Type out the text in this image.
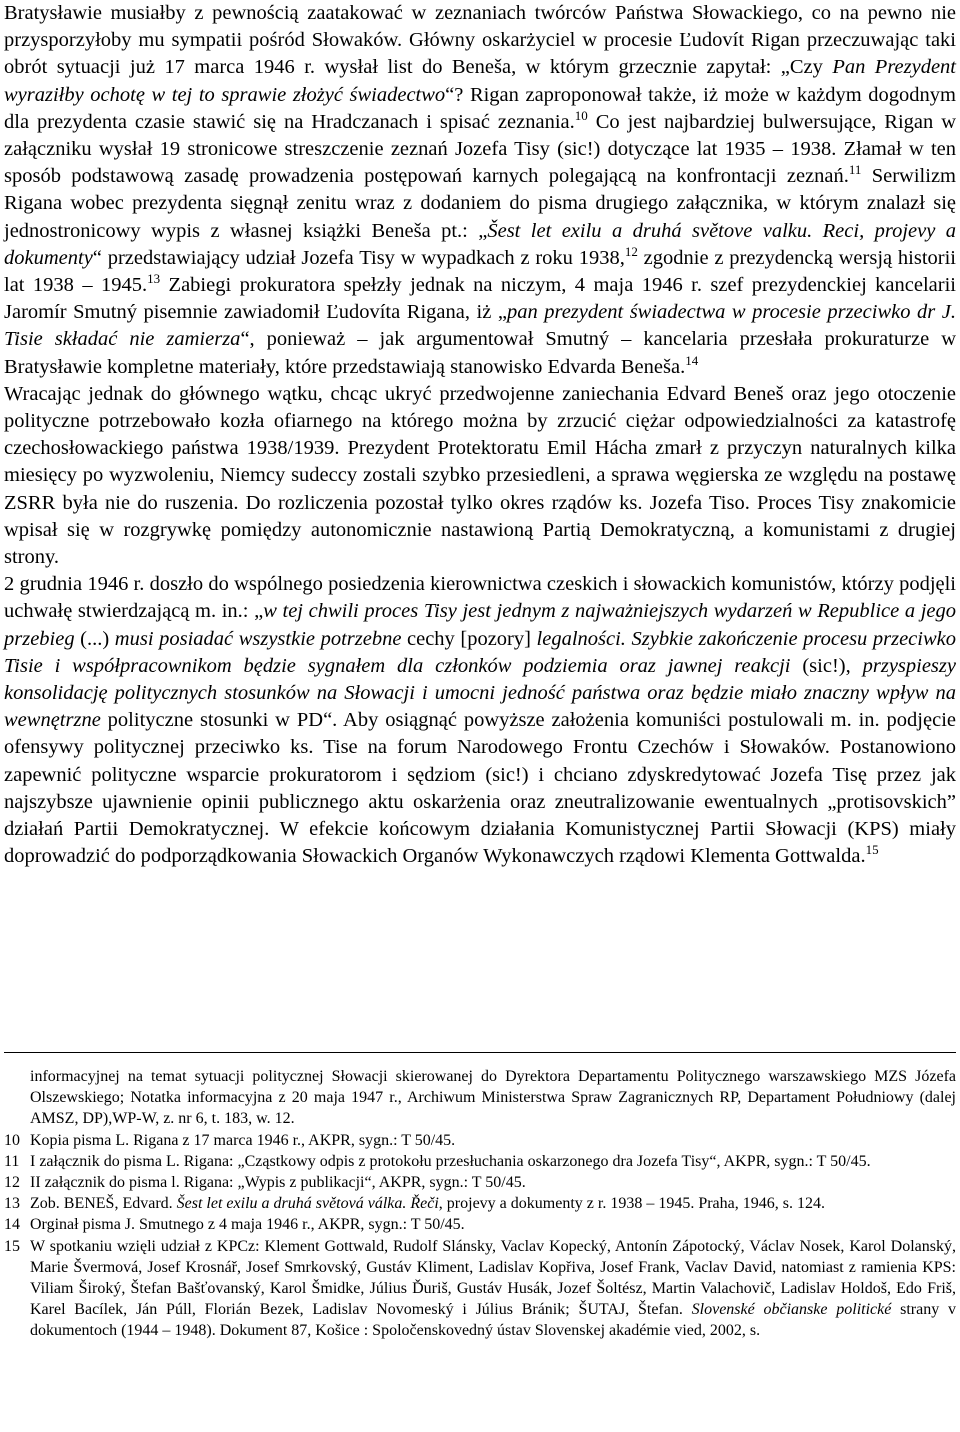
Bratysławie musiałby z pewnością zaatakować w zeznaniach twórców Państwa Słowackiego, co na pewno nie przysporzyłoby mu sympatii pośród Słowaków. Główny oskarżyciel w procesie Ľudovít Rigan przeczuwając taki obrót sytuacji już 17 marca 1946 r. wysłał list do Beneša, w którym grzecznie zapytał: „Czy Pan Prezydent wyraziłby ochotę w tej to sprawie złożyć świadectwo“? Rigan zaproponował także, iż może w każdym dogodnym dla prezydenta czasie stawić się na Hradczanach i spisać zeznania.$^{10}$ Co jest najbardziej bulwersujące, Rigan w załączniku wysłał 19 stronicowe streszczenie zeznań Jozefa Tisy (sic!) dotyczące lat 1935 – 1938. Złamał w ten sposób podstawową zasadę prowadzenia postępowań karnych polegającą na konfrontacji zeznań.$^{11}$ Serwilizm Rigana wobec prezydenta sięgnął zenitu wraz z dodaniem do pisma drugiego załącznika, w którym znalazł się jednostronicowy wypis z własnej książki Beneša pt.: „Šest let exilu a druhá světove valku. Reci, projevy a dokumenty“ przedstawiający udział Jozefa Tisy w wypadkach z roku 1938,12 zgodnie z prezydencką wersją historii lat 1938 – 1945.13 Zabiegi prokuratora spełzły jednak na niczym, 4 maja 1946 r. szef prezydenckiej kancelarii Jaromír Smutný pisemnie zawiadomił Ľudovíta Rigana, iż „pan prezydent świadectwa w procesie przeciwko dr J. Tisie składać nie zamierza“, ponieważ – jak argumentował Smutný – kancelaria przesłała prokuraturze w Bratysławie kompletne materiały, które przedstawiają stanowisko Edvarda Beneša.$^{14}$

Wracając jednak do głównego wątku, chcąc ukryć przedwojenne zaniechania Edvard Beneš oraz jego otoczenie polityczne potrzebowało kozła ofiarnego na którego można by zrzucić ciężar odpowiedzialności za katastrofę czechosłowackiego państwa 1938/1939. Prezydent Protektoratu Emil Hácha zmarł z przyczyn naturalnych kilka miesięcy po wyzwoleniu, Niemcy sudeccy zostali szybko przesiedleni, a sprawa węgierska ze względu na postawę ZSRR była nie do ruszenia. Do rozliczenia pozostał tylko okres rządów ks. Jozefa Tiso. Proces Tisy znakomicie wpisał się w rozgrywkę pomiędzy autonomicznie nastawioną Partią Demokratyczną, a komunistami z drugiej strony.

2 grudnia 1946 r. doszło do wspólnego posiedzenia kierownictwa czeskich i słowackich komunistów, którzy podjęli uchwałę stwierdzającą m. in.: „w tej chwili proces Tisy jest jednym z najważniejszych wydarzeń w Republice a jego przebieg (...) musi posiadać wszystkie potrzebne cechy [pozory] legalności. Szybkie zakończenie procesu przeciwko Tisie i współpracownikom będzie sygnałem dla członków podziemia oraz jawnej reakcji (sic!), przyspieszy konsolidację politycznych stosunków na Słowacji i umocni jedność państwa oraz będzie miało znaczny wpływ na wewnętrzne polityczne stosunki w PD“. Aby osiągnąć powyższe założenia komuniści postulowali m. in. podjęcie ofensywy politycznej przeciwko ks. Tise na forum Narodowego Frontu Czechów i Słowaków. Postanowiono zapewnić polityczne wsparcie prokuratorom i sędziom (sic!) i chciano zdyskredytować Jozefa Tisę przez jak najszybsze ujawnienie opinii publicznego aktu oskarżenia oraz zneutralizowanie ewentualnych „protisovskich” działań Partii Demokratycznej. W efekcie końcowym działania Komunistycznej Partii Słowacji (KPS) miały doprowadzić do podporządkowania Słowackich Organów Wykonawczych rządowi Klementa Gottwalda.$^{15}$

informacyjnej na temat sytuacji politycznej Słowacji skierowanej do Dyrektora Departamentu Politycznego warszawskiego MZS Józefa Olszewskiego; Notatka informacyjna z 20 maja 1947 r., Archiwum Ministerstwa Spraw Zagranicznych RP, Departament Południowy (dalej AMSZ, DP),WP-W, z. nr 6, t. 183, w. 12.
10 Kopia pisma L. Rigana z 17 marca 1946 r., AKPR, sygn.: T 50/45.
11 I załącznik do pisma L. Rigana: „Cząstkowy odpis z protokołu przesłuchania oskarzonego dra Jozefa Tisy“, AKPR, sygn.: T 50/45.
12 II załącznik do pisma l. Rigana: „Wypis z publikacji“, AKPR, sygn.: T 50/45.
13 Zob. BENEŠ, Edvard. Šest let exilu a druhá světová válka. Řeči, projevy a dokumenty z r. 1938 – 1945. Praha, 1946, s. 124.
14 Orginał pisma J. Smutnego z 4 maja 1946 r., AKPR, sygn.: T 50/45.
15 W spotkaniu wzięli udział z KPCz: Klement Gottwald, Rudolf Slánsky, Vaclav Kopecký, Antonín Zápotocký, Václav Nosek, Karol Dolanský, Marie Švermová, Josef Krosnář, Josef Smrkovský, Gustáv Kliment, Ladislav Kopřiva, Josef Frank, Vaclav David, natomiast z ramienia KPS: Viliam Široký, Štefan Bašťovanský, Karol Šmidke, Július Ďuriš, Gustáv Husák, Jozef Šoltész, Martin Valachovič, Ladislav Holdoš, Edo Friš, Karel Bacílek, Ján Púll, Florián Bezek, Ladislav Novomeský i Július Bránik; ŠUTAJ, Štefan. Slovenské občianske politické strany v dokumentoch (1944 – 1948). Dokument 87, Košice : Spoločenskovedný ústav Slovenskej akadémie vied, 2002, s.
